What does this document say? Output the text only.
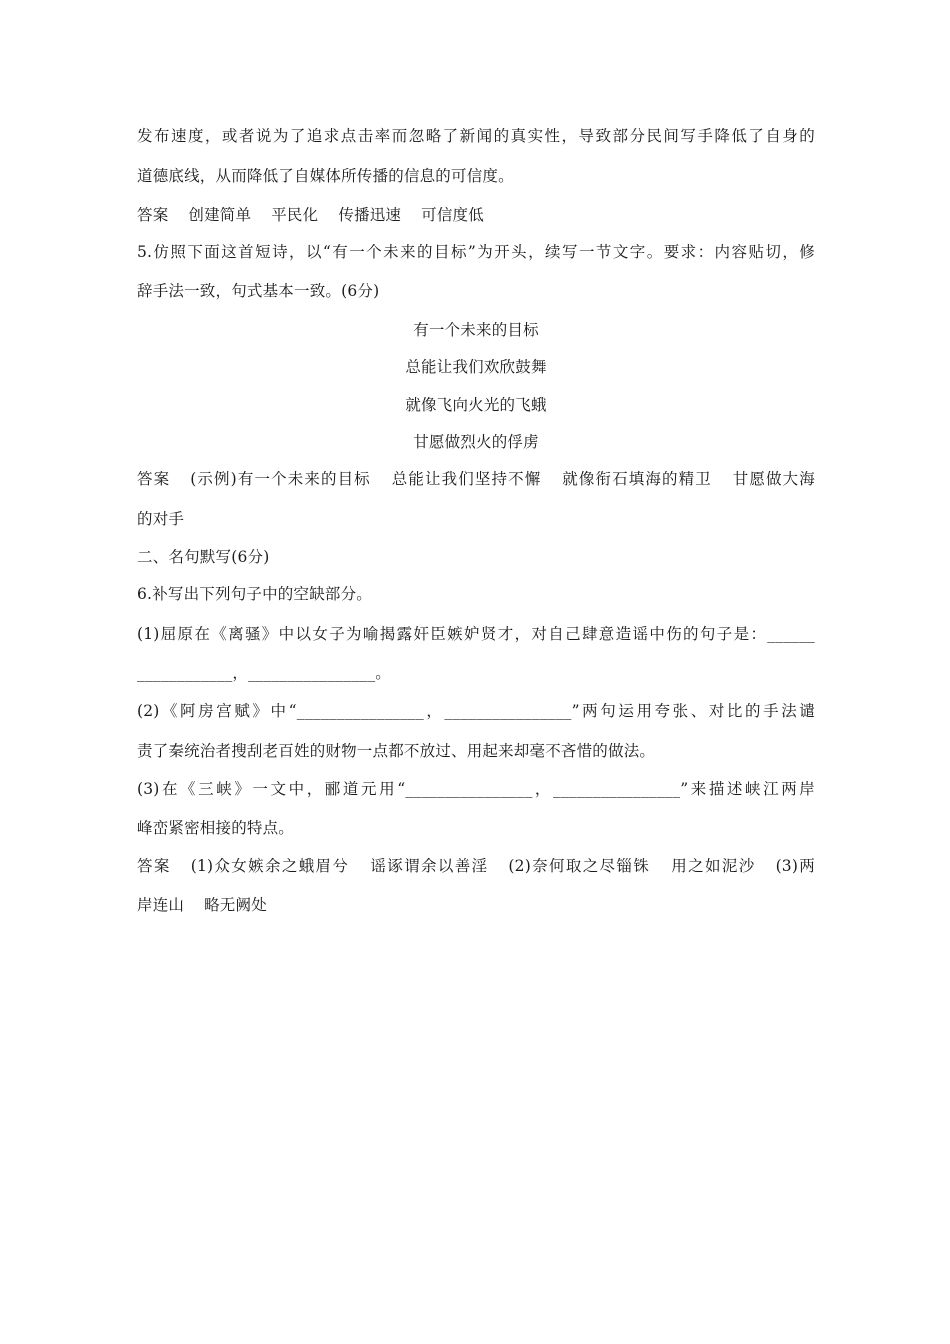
发布速度，或者说为了追求点击率而忽略了新闻的真实性，导致部分民间写手降低了自身的
道德底线，从而降低了自媒体所传播的信息的可信度。
答案 创建简单 平民化 传播迅速 可信度低
5.仿照下面这首短诗，以“有一个未来的目标”为开头，续写一节文字。要求：内容贴切，修
辞手法一致，句式基本一致。(6分)
有一个未来的目标
总能让我们欢欣鼓舞
就像飞向火光的飞蛾
甘愿做烈火的俘虏
答案 (示例)有一个未来的目标 总能让我们坚持不懈 就像衔石填海的精卫 甘愿做大海
的对手
二、名句默写(6分)
6.补写出下列句子中的空缺部分。
(1)屈原在《离骚》中以女子为喻揭露奸臣嫉妒贤才，对自己肆意造谣中伤的句子是：______
____________，________________。
(2)《阿房宫赋》中“________________，________________”两句运用夸张、对比的手法谴
责了秦统治者搜刮老百姓的财物一点都不放过、用起来却毫不吝惜的做法。
(3)在《三峡》一文中，郦道元用“________________，________________”来描述峡江两岸
峰峦紧密相接的特点。
答案 (1)众女嫉余之蛾眉兮 谣诼谓余以善淫 (2)奈何取之尽锱铢 用之如泥沙 (3)两
岸连山 略无阙处
